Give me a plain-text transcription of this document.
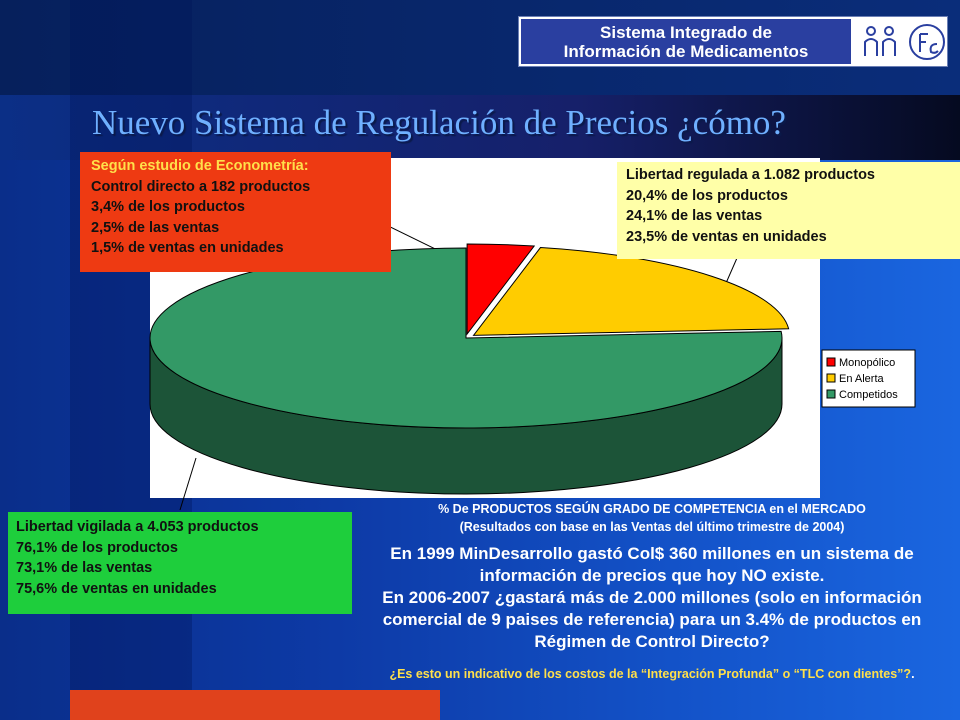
Sistema Integrado de
Información de Medicamentos
Nuevo Sistema de Regulación de Precios ¿cómo?
Monopólico
En Alerta
Competidos
Según estudio de Econometría:
Control directo a 182 productos
3,4% de los productos
2,5% de las ventas
1,5% de ventas en unidades
Libertad regulada a 1.082 productos
20,4% de los productos
24,1% de las ventas
23,5% de ventas en unidades
Libertad vigilada a 4.053 productos
76,1% de los productos
73,1% de las ventas
75,6% de ventas en unidades
% De PRODUCTOS SEGÚN GRADO DE COMPETENCIA en el MERCADO
(Resultados con base en las Ventas del último trimestre de 2004)
En 1999 MinDesarrollo gastó Col$ 360 millones en un sistema de información de precios que hoy NO existe.
En 2006-2007 ¿gastará más de 2.000 millones (solo en información comercial de 9 paises de referencia) para un 3.4% de productos en Régimen de Control Directo?
¿Es esto un indicativo de los costos de la “Integración Profunda” o “TLC con dientes”?.
